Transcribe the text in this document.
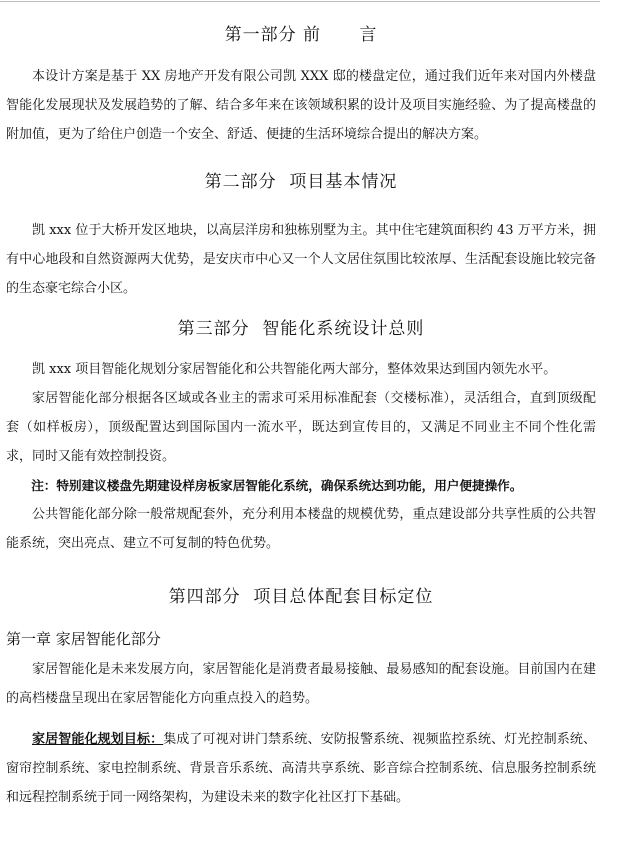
第一部分 前      言

本设计方案是基于 XX 房地产开发有限公司凯 XXX 邸的楼盘定位，通过我们近年来对国内外楼盘智能化发展现状及发展趋势的了解、结合多年来在该领域积累的设计及项目实施经验、为了提高楼盘的附加值，更为了给住户创造一个安全、舒适、便捷的生活环境综合提出的解决方案。

第二部分  项目基本情况

凯 xxx 位于大桥开发区地块，以高层洋房和独栋别墅为主。其中住宅建筑面积约 43 万平方米，拥有中心地段和自然资源两大优势，是安庆市中心又一个人文居住氛围比较浓厚、生活配套设施比较完备的生态豪宅综合小区。

第三部分  智能化系统设计总则

凯 xxx 项目智能化规划分家居智能化和公共智能化两大部分，整体效果达到国内领先水平。

家居智能化部分根据各区域或各业主的需求可采用标准配套（交楼标准），灵活组合，直到顶级配套（如样板房），顶级配置达到国际国内一流水平，既达到宣传目的，又满足不同业主不同个性化需求，同时又能有效控制投资。

注：特别建议楼盘先期建设样房板家居智能化系统，确保系统达到功能，用户便捷操作。

公共智能化部分除一般常规配套外，充分利用本楼盘的规模优势，重点建设部分共享性质的公共智能系统，突出亮点、建立不可复制的特色优势。

第四部分  项目总体配套目标定位
第一章 家居智能化部分

家居智能化是未来发展方向，家居智能化是消费者最易接触、最易感知的配套设施。目前国内在建的高档楼盘呈现出在家居智能化方向重点投入的趋势。

家居智能化规划目标：集成了可视对讲门禁系统、安防报警系统、视频监控系统、灯光控制系统、窗帘控制系统、家电控制系统、背景音乐系统、高清共享系统、影音综合控制系统、信息服务控制系统和远程控制系统于同一网络架构，为建设未来的数字化社区打下基础。
